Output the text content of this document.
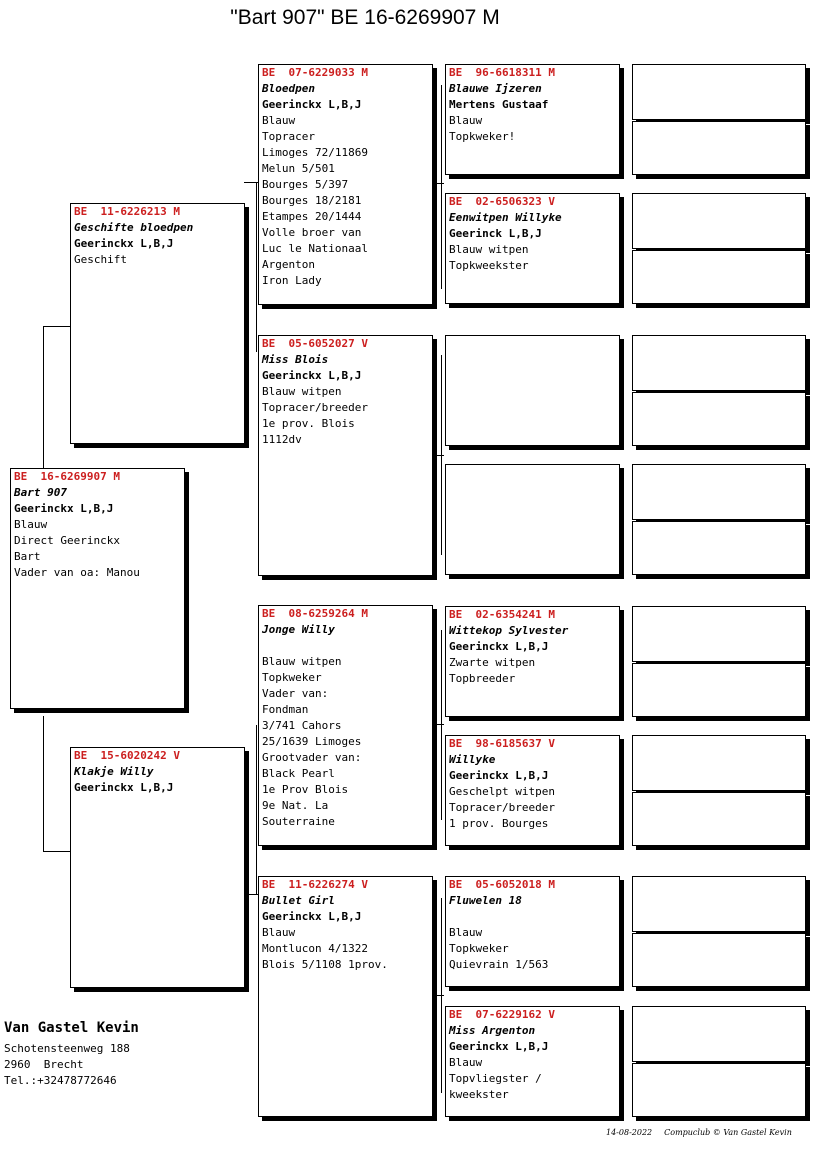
"Bart 907" BE 16-6269907 M
BE  16-6269907 M
Bart 907
Geerinckx L,B,J
Blauw
Direct Geerinckx
Bart
Vader van oa: Manou
BE  11-6226213 M
Geschifte bloedpen
Geerinckx L,B,J
Geschift
BE  15-6020242 V
Klakje Willy
Geerinckx L,B,J
BE  07-6229033 M
Bloedpen
Geerinckx L,B,J
Blauw
Topracer
Limoges 72/11869
Melun 5/501
Bourges 5/397
Bourges 18/2181
Etampes 20/1444
Volle broer van
Luc le Nationaal
Argenton
Iron Lady
BE  05-6052027 V
Miss Blois
Geerinckx L,B,J
Blauw witpen
Topracer/breeder
1e prov. Blois
1112dv
BE  08-6259264 M
Jonge Willy
Blauw witpen
Topkweker
Vader van:
Fondman
3/741 Cahors
25/1639 Limoges
Grootvader van:
Black Pearl
1e Prov Blois
9e Nat. La
Souterraine
BE  11-6226274 V
Bullet Girl
Geerinckx L,B,J
Blauw
Montlucon 4/1322
Blois 5/1108 1prov.
BE  96-6618311 M
Blauwe Ijzeren
Mertens Gustaaf
Blauw
Topkweker!
BE  02-6506323 V
Eenwitpen Willyke
Geerinck L,B,J
Blauw witpen
Topkweekster
BE  02-6354241 M
Wittekop Sylvester
Geerinckx L,B,J
Zwarte witpen
Topbreeder
BE  98-6185637 V
Willyke
Geerinckx L,B,J
Geschelpt witpen
Topracer/breeder
1 prov. Bourges
BE  05-6052018 M
Fluwelen 18
Blauw
Topkweker
Quievrain 1/563
BE  07-6229162 V
Miss Argenton
Geerinckx L,B,J
Blauw
Topvliegster /
kweekster
Van Gastel Kevin
Schotensteenweg 188
2960  Brecht
Tel.:+32478772646
14-08-2022 Compuclub © Van Gastel Kevin
